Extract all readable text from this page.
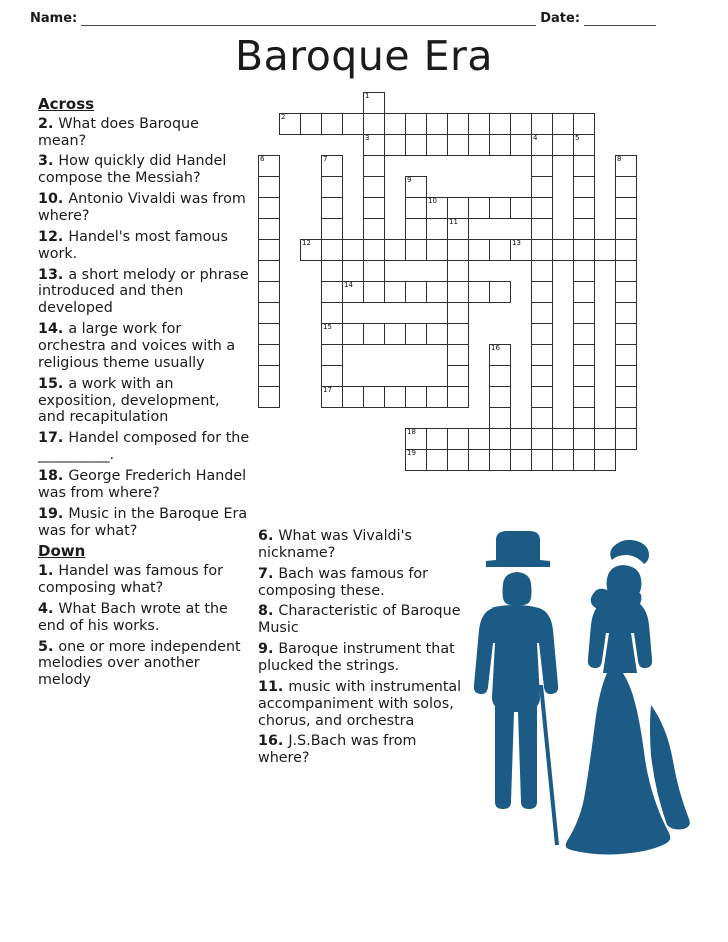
Name:	Date:
Baroque Era
Across
2. What does Baroque mean?
3. How quickly did Handel compose the Messiah?
10. Antonio Vivaldi was from where?
12. Handel's most famous work.
13. a short melody or phrase introduced and then developed
14. a large work for orchestra and voices with a religious theme usually
15. a work with an exposition, development, and recapitulation
17. Handel composed for the __________.
18. George Frederich Handel was from where?
19. Music in the Baroque Era was for what?
Down
1. Handel was famous for composing what?
4. What Bach wrote at the end of his works.
5. one or more independent melodies over another melody
6. What was Vivaldi's nickname?
7. Bach was famous for composing these.
8. Characteristic of Baroque Music
9. Baroque instrument that plucked the strings.
11. music with instrumental accompaniment with solos, chorus, and orchestra
16. J.S.Bach was from where?
1
2
3	4	5
6	7	8
9
10
11
12	13
14
15
16
17
18
19
